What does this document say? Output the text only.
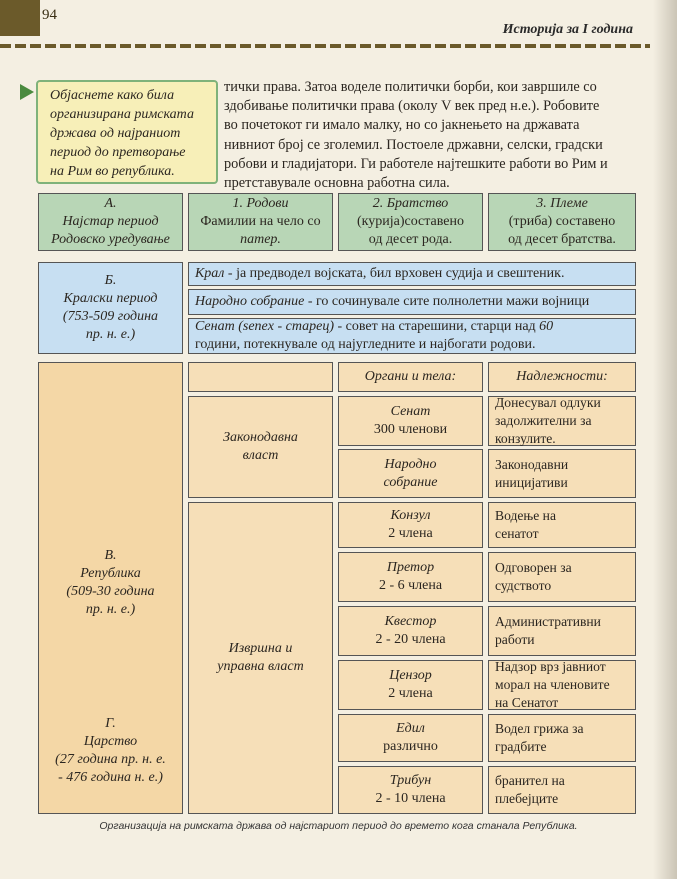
94
Историја за I година
Објаснете како била
организирана римската
држава од најраниот
период до претворање
на Рим во република.

тички права. Затоа воделе политички борби, кои завршиле со

здобивање политички права (околу V век пред н.е.). Робовите

во почетокот ги имало малку, но со јакнењето на државата

нивниот број се зголемил. Постоеле државни, селски, градски

робови и гладијатори. Ги работеле најтешките работи во Рим и

претставувале основна работна сила.

А.
Најстар период
Родовско уредување
1. Родови
Фамилии на чело со
патер.
2. Братство
(курија)составено
од десет рода.
3. Племе
(триба) составено
од десет братства.
Б.
Кралски период
(753-509 година
пр. н. е.)
Крал - ја предводел војската, бил врховен судија и свештеник.
Народно собрание - го сочинувале сите полнолетни мажи војници
Сенат (senex - старец) - совет на старешини, старци над 60
години, потекнувале од најугледните и најбогати родови.
В.
Република
(509-30 година
пр. н. е.)
Г.
Царство
(27 година пр. н. е.
- 476 година н. е.)
Органи и тела:	Надлежности:
Законодавна
власт
Извршна и
управна власт
Сенат
300 членови
Донесувал одлуки
задолжителни за
конзулите.
Народно
собрание
Законодавни
иницијативи
Конзул
2 члена
Водење на
сенатот
Претор
2 - 6 члена
Одговорен за
судството
Квестор
2 - 20 члена
Административни
работи
Цензор
2 члена
Надзор врз јавниот
морал на членовите
на Сенатот
Едил
различно
Водел грижа за
градбите
Трибун
2 - 10 члена
бранител на
плебејците
Организација на римската држава од најстариот период до времето кога станала Република.
